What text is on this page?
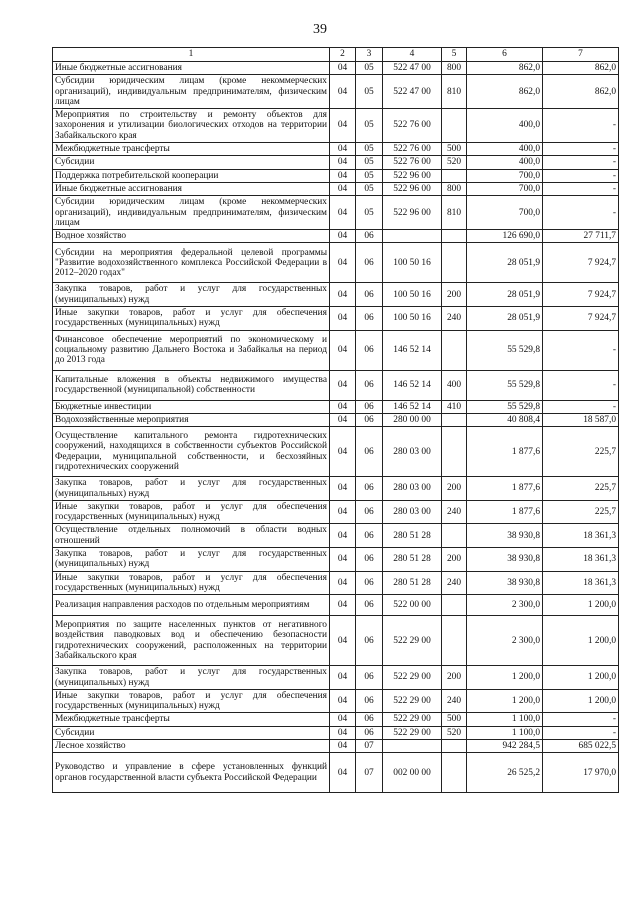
39
1	2	3	4	5	6	7
Иные бюджетные ассигнования	04	05	522 47 00	800	862,0	862,0
Субсидии юридическим лицам (кроме некоммерческих организаций), индивидуальным предпринимателям, физическим лицам	04	05	522 47 00	810	862,0	862,0
Мероприятия по строительству и ремонту объектов для захоронения и утилизации биологических отходов на территории Забайкальского края	04	05	522 76 00		400,0	-
Межбюджетные трансферты	04	05	522 76 00	500	400,0	-
Субсидии	04	05	522 76 00	520	400,0	-
Поддержка потребительской кооперации	04	05	522 96 00		700,0	-
Иные бюджетные ассигнования	04	05	522 96 00	800	700,0	-
Субсидии юридическим лицам (кроме некоммерческих организаций), индивидуальным предпринимателям, физическим лицам	04	05	522 96 00	810	700,0	-
Водное хозяйство	04	06			126 690,0	27 711,7
Субсидии на мероприятия федеральной целевой программы "Развитие водохозяйственного комплекса Российской Федерации в 2012–2020 годах"	04	06	100 50 16		28 051,9	7 924,7
Закупка товаров, работ и услуг для государственных (муниципальных) нужд	04	06	100 50 16	200	28 051,9	7 924,7
Иные закупки товаров, работ и услуг для обеспечения государственных (муниципальных) нужд	04	06	100 50 16	240	28 051,9	7 924,7
Финансовое обеспечение мероприятий по экономическому и социальному развитию Дальнего Востока и Забайкалья на период до 2013 года	04	06	146 52 14		55 529,8	-
Капитальные вложения в объекты недвижимого имущества государственной (муниципальной) собственности	04	06	146 52 14	400	55 529,8	-
Бюджетные инвестиции	04	06	146 52 14	410	55 529,8	-
Водохозяйственные мероприятия	04	06	280 00 00		40 808,4	18 587,0
Осуществление капитального ремонта гидротехнических сооружений, находящихся в собственности субъектов Российской Федерации, муниципальной собственности, и бесхозяйных гидротехнических сооружений	04	06	280 03 00		1 877,6	225,7
Закупка товаров, работ и услуг для государственных (муниципальных) нужд	04	06	280 03 00	200	1 877,6	225,7
Иные закупки товаров, работ и услуг для обеспечения государственных (муниципальных) нужд	04	06	280 03 00	240	1 877,6	225,7
Осуществление отдельных полномочий в области водных отношений	04	06	280 51 28		38 930,8	18 361,3
Закупка товаров, работ и услуг для государственных (муниципальных) нужд	04	06	280 51 28	200	38 930,8	18 361,3
Иные закупки товаров, работ и услуг для обеспечения государственных (муниципальных) нужд	04	06	280 51 28	240	38 930,8	18 361,3
Реализация направления расходов по отдельным мероприятиям	04	06	522 00 00		2 300,0	1 200,0
Мероприятия по защите населенных пунктов от негативного воздействия паводковых вод и обеспечению безопасности гидротехнических сооружений, расположенных на территории Забайкальского края	04	06	522 29 00		2 300,0	1 200,0
Закупка товаров, работ и услуг для государственных (муниципальных) нужд	04	06	522 29 00	200	1 200,0	1 200,0
Иные закупки товаров, работ и услуг для обеспечения государственных (муниципальных) нужд	04	06	522 29 00	240	1 200,0	1 200,0
Межбюджетные трансферты	04	06	522 29 00	500	1 100,0	-
Субсидии	04	06	522 29 00	520	1 100,0	-
Лесное хозяйство	04	07			942 284,5	685 022,5
Руководство и управление в сфере установленных функций органов государственной власти субъекта Российской Федерации	04	07	002 00 00		26 525,2	17 970,0
